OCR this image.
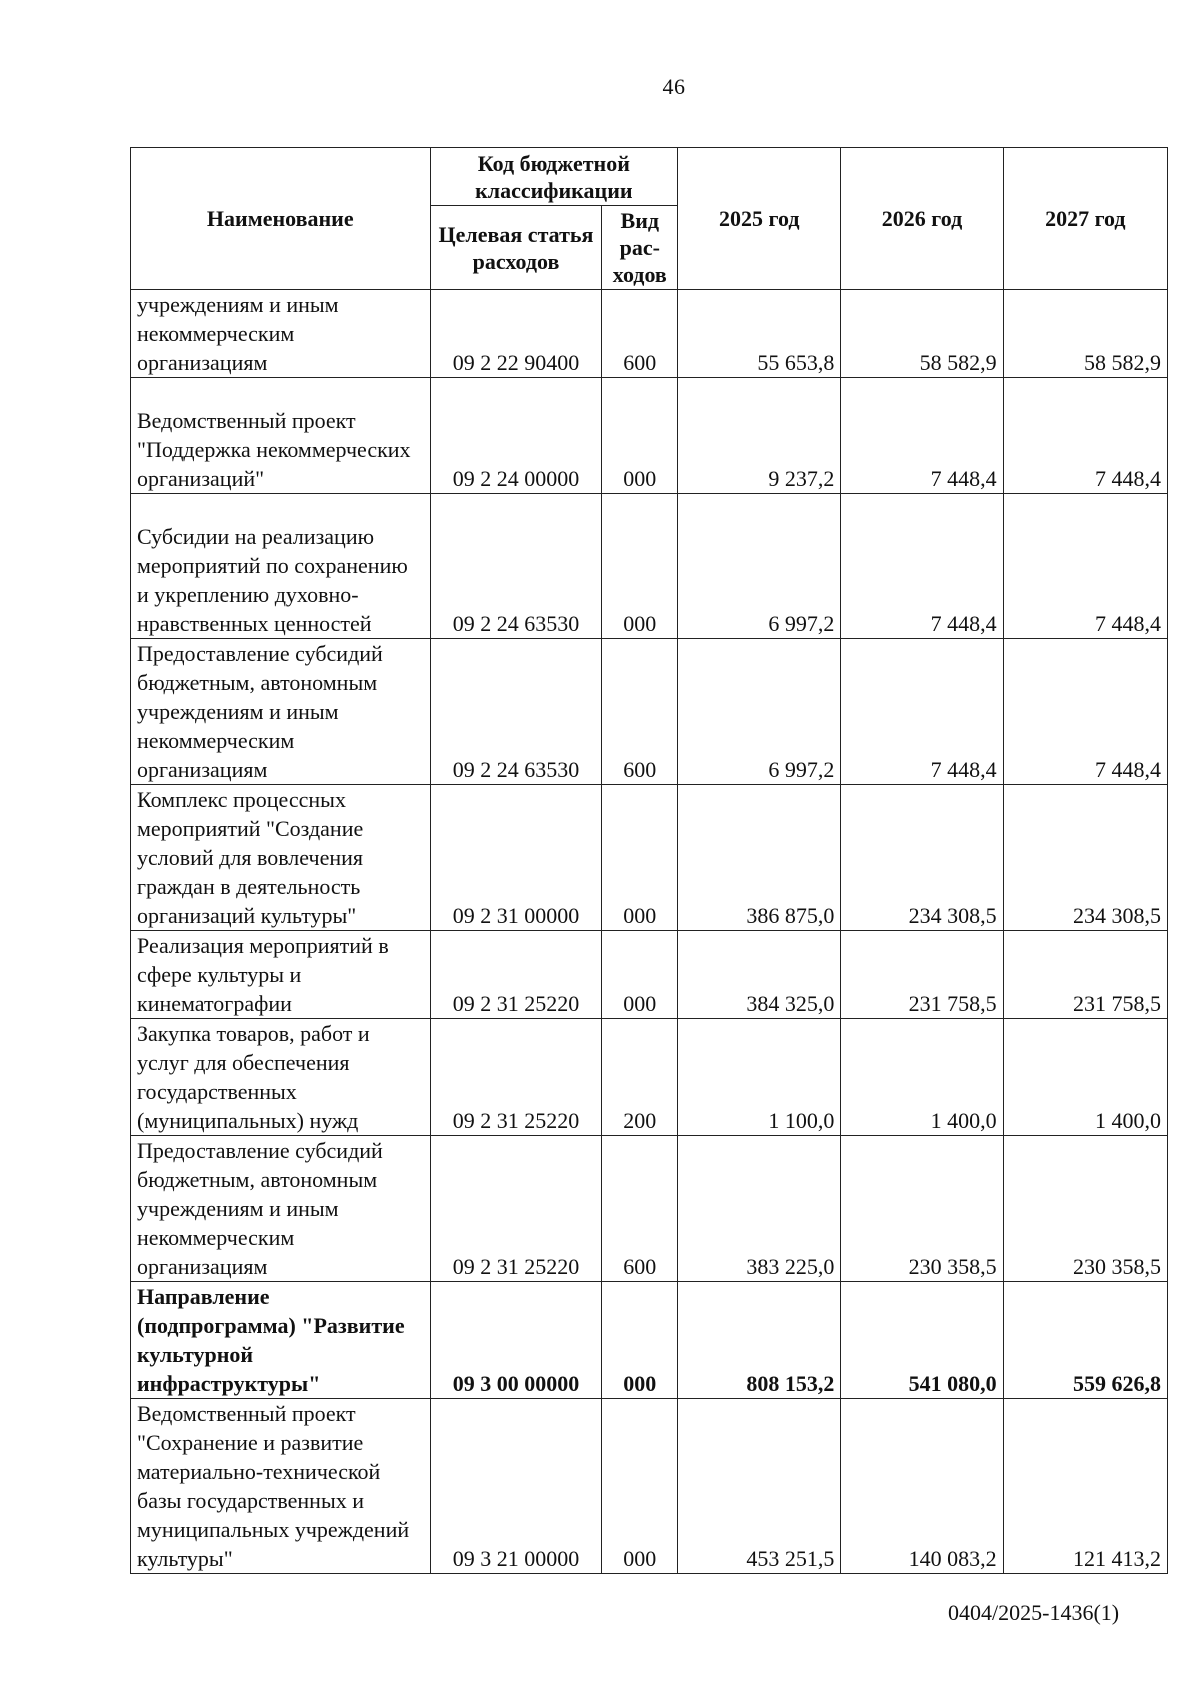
46
Наименование	Код бюджетной классификации		2025 год	2026 год	2027 год
	Целевая статья расходов	Вид рас-ходов			
учреждениям и иным некоммерческим организациям	09 2 22 90400	600	55 653,8	58 582,9	58 582,9
Ведомственный проект "Поддержка некоммерческих организаций"	09 2 24 00000	000	9 237,2	7 448,4	7 448,4
Субсидии на реализацию мероприятий по сохранению и укреплению духовно-нравственных ценностей	09 2 24 63530	000	6 997,2	7 448,4	7 448,4
Предоставление субсидий бюджетным, автономным учреждениям и иным некоммерческим организациям	09 2 24 63530	600	6 997,2	7 448,4	7 448,4
Комплекс процессных мероприятий "Создание условий для вовлечения граждан в деятельность организаций культуры"	09 2 31 00000	000	386 875,0	234 308,5	234 308,5
Реализация мероприятий в сфере культуры и кинематографии	09 2 31 25220	000	384 325,0	231 758,5	231 758,5
Закупка товаров, работ и услуг для обеспечения государственных (муниципальных) нужд	09 2 31 25220	200	1 100,0	1 400,0	1 400,0
Предоставление субсидий бюджетным, автономным учреждениям и иным некоммерческим организациям	09 2 31 25220	600	383 225,0	230 358,5	230 358,5
Направление (подпрограмма) "Развитие культурной инфраструктуры"	09 3 00 00000	000	808 153,2	541 080,0	559 626,8
Ведомственный проект "Сохранение и развитие материально-технической базы государственных и муниципальных учреждений культуры"	09 3 21 00000	000	453 251,5	140 083,2	121 413,2
0404/2025-1436(1)
